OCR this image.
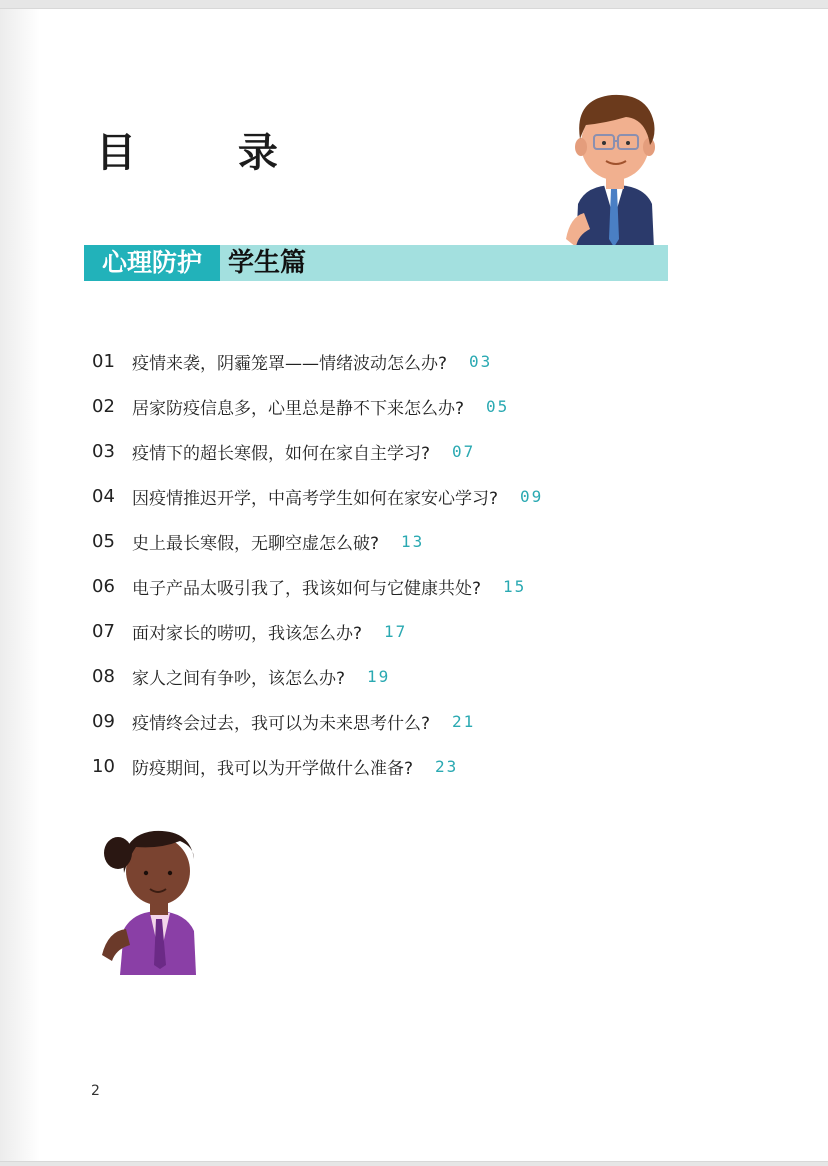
目 录
心理防护	学生篇
01	疫情来袭，阴霾笼罩——情绪波动怎么办? 03
02	居家防疫信息多，心里总是静不下来怎么办? 05
03	疫情下的超长寒假，如何在家自主学习? 07
04	因疫情推迟开学，中高考学生如何在家安心学习? 09
05	史上最长寒假，无聊空虚怎么破? 13
06	电子产品太吸引我了，我该如何与它健康共处? 15
07	面对家长的唠叨，我该怎么办? 17
08	家人之间有争吵，该怎么办? 19
09	疫情终会过去，我可以为未来思考什么? 21
10	防疫期间，我可以为开学做什么准备? 23
2
